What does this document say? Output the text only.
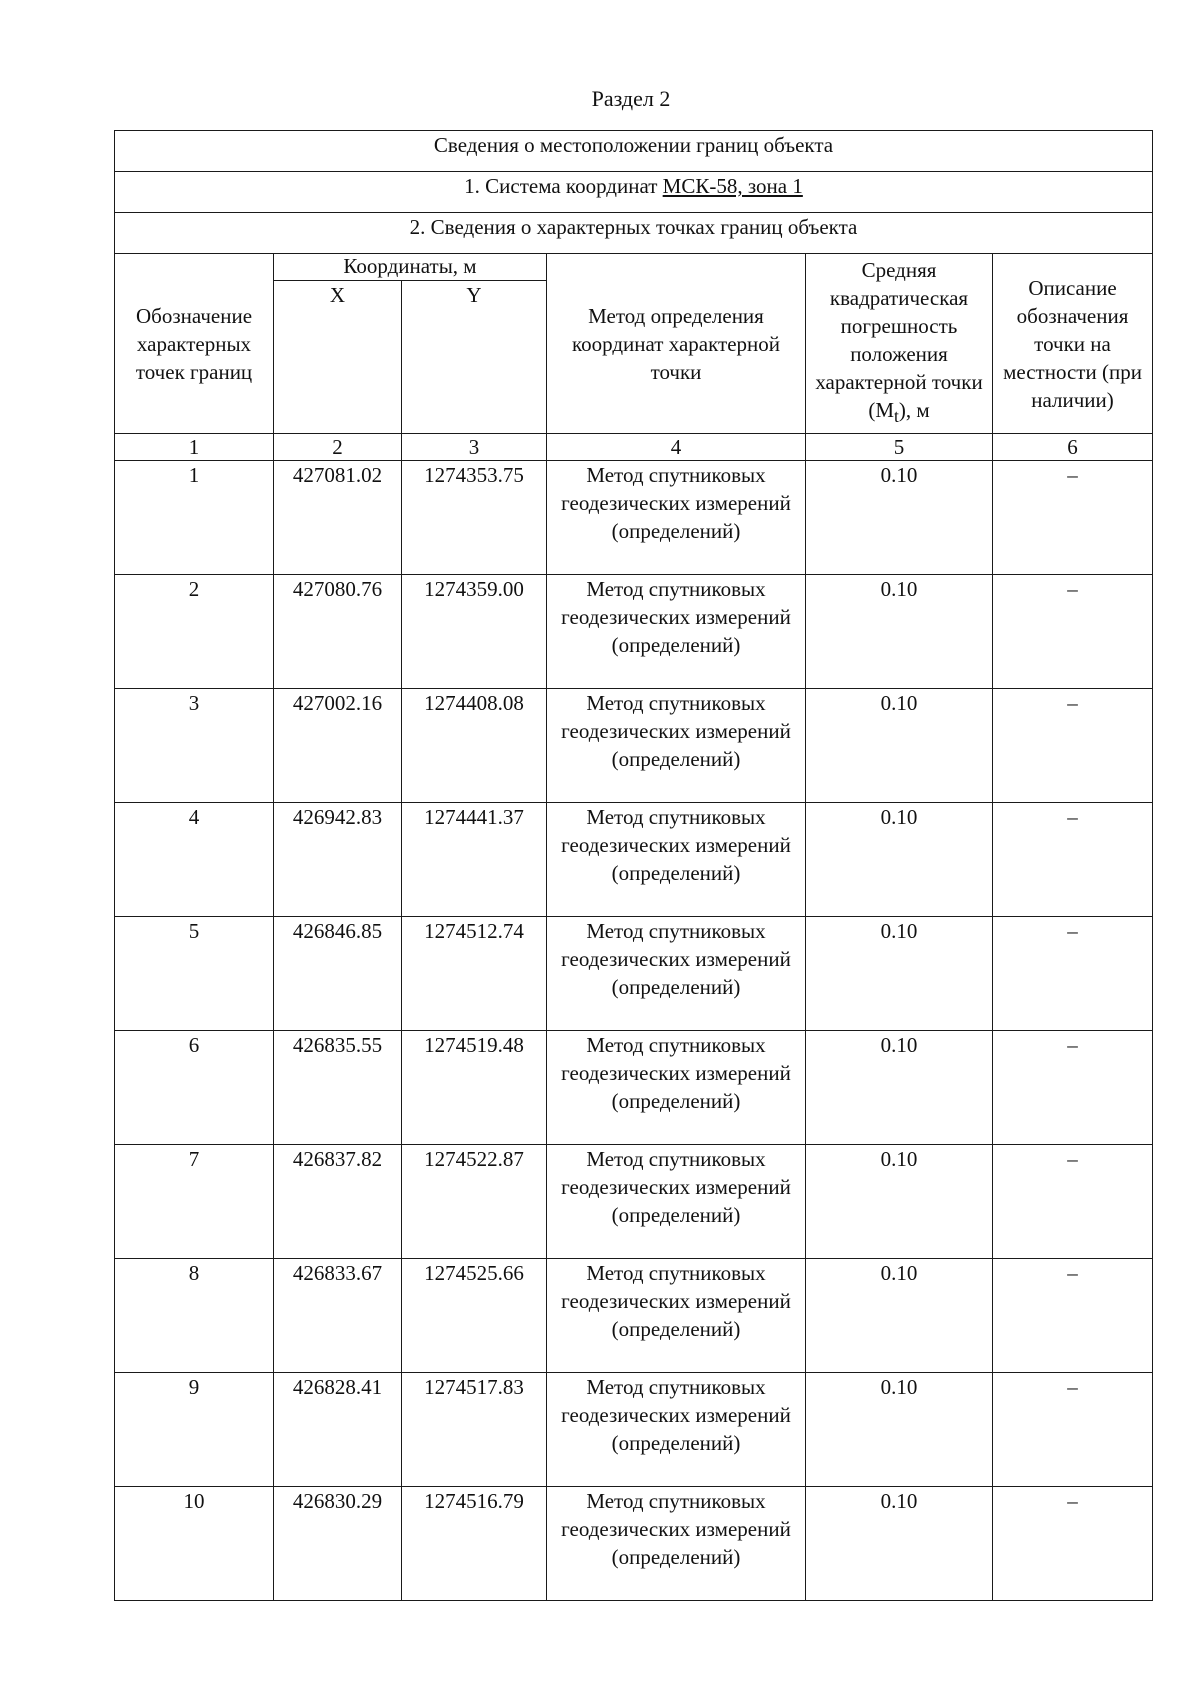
Раздел 2
Сведения о местоположении границ объекта					
1. Система координат МСК-58, зона 1					
2. Сведения о характерных точках границ объекта					
Обозначение характерных точек границ	Координаты, м		Метод определения координат характерной точки	Средняя квадратическая погрешность положения характерной точки $(M_t)$, м	Описание обозначения точки на местности (при наличии)
	X	Y			
1	2	3	4	5	6
1	427081.02	1274353.75	Метод спутниковых геодезических измерений (определений)	0.10	–
2	427080.76	1274359.00	Метод спутниковых геодезических измерений (определений)	0.10	–
3	427002.16	1274408.08	Метод спутниковых геодезических измерений (определений)	0.10	–
4	426942.83	1274441.37	Метод спутниковых геодезических измерений (определений)	0.10	–
5	426846.85	1274512.74	Метод спутниковых геодезических измерений (определений)	0.10	–
6	426835.55	1274519.48	Метод спутниковых геодезических измерений (определений)	0.10	–
7	426837.82	1274522.87	Метод спутниковых геодезических измерений (определений)	0.10	–
8	426833.67	1274525.66	Метод спутниковых геодезических измерений (определений)	0.10	–
9	426828.41	1274517.83	Метод спутниковых геодезических измерений (определений)	0.10	–
10	426830.29	1274516.79	Метод спутниковых геодезических измерений (определений)	0.10	–
